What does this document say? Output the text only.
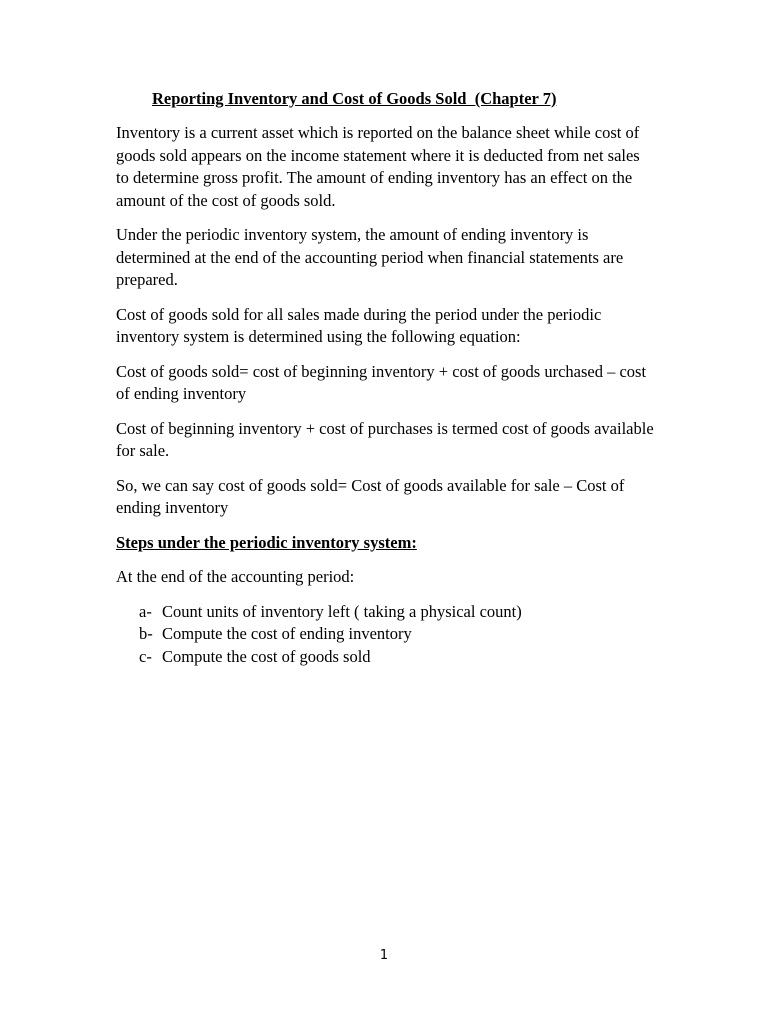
Reporting Inventory and Cost of Goods Sold  (Chapter 7)

Inventory is a current asset which is reported on the balance sheet while cost of goods sold appears on the income statement where it is deducted from net sales to determine gross profit. The amount of ending inventory has an effect on the amount of the cost of goods sold.

Under the periodic inventory system, the amount of ending inventory is determined at the end of the accounting period when financial statements are prepared.

Cost of goods sold for all sales made during the period under the periodic inventory system is determined using the following equation:

Cost of goods sold= cost of beginning inventory + cost of goods urchased – cost of ending inventory

Cost of beginning inventory + cost of purchases is termed cost of goods available for sale.

So, we can say cost of goods sold= Cost of goods available for sale – Cost of ending inventory

Steps under the periodic inventory system:

At the end of the accounting period:

a- Count units of inventory left ( taking a physical count)
b- Compute the cost of ending inventory
c- Compute the cost of goods sold
1
